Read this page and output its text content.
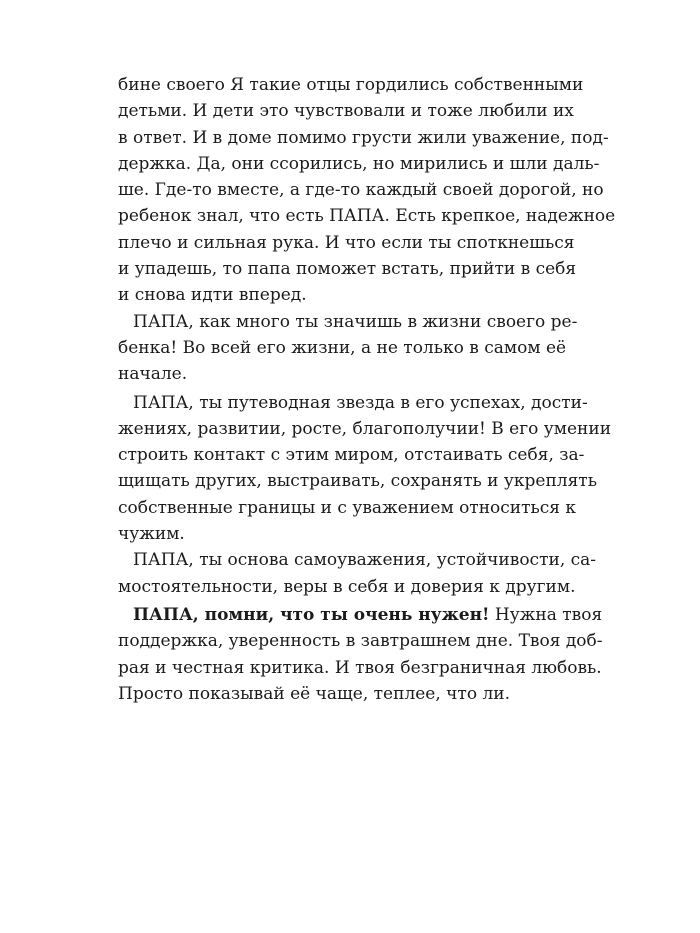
бине своего Я такие отцы гордились собственными
детьми. И дети это чувствовали и тоже любили их
в ответ. И в доме помимо грусти жили уважение, под-
держка. Да, они ссорились, но мирились и шли даль-
ше. Где-то вместе, а где-то каждый своей дорогой, но
ребенок знал, что есть ПАПА. Есть крепкое, надежное
плечо и сильная рука. И что если ты споткнешься
и упадешь, то папа поможет встать, прийти в себя
и снова идти вперед.
ПАПА, как много ты значишь в жизни своего ре-
бенка! Во всей его жизни, а не только в самом её
начале.
ПАПА, ты путеводная звезда в его успехах, дости-
жениях, развитии, росте, благополучии! В его умении
строить контакт с этим миром, отстаивать себя, за-
щищать других, выстраивать, сохранять и укреплять
собственные границы и с уважением относиться к
чужим.
ПАПА, ты основа самоуважения, устойчивости, са-
мостоятельности, веры в себя и доверия к другим.
ПАПА, помни, что ты очень нужен! Нужна твоя
поддержка, уверенность в завтрашнем дне. Твоя доб-
рая и честная критика. И твоя безграничная любовь.
Просто показывай её чаще, теплее, что ли.
